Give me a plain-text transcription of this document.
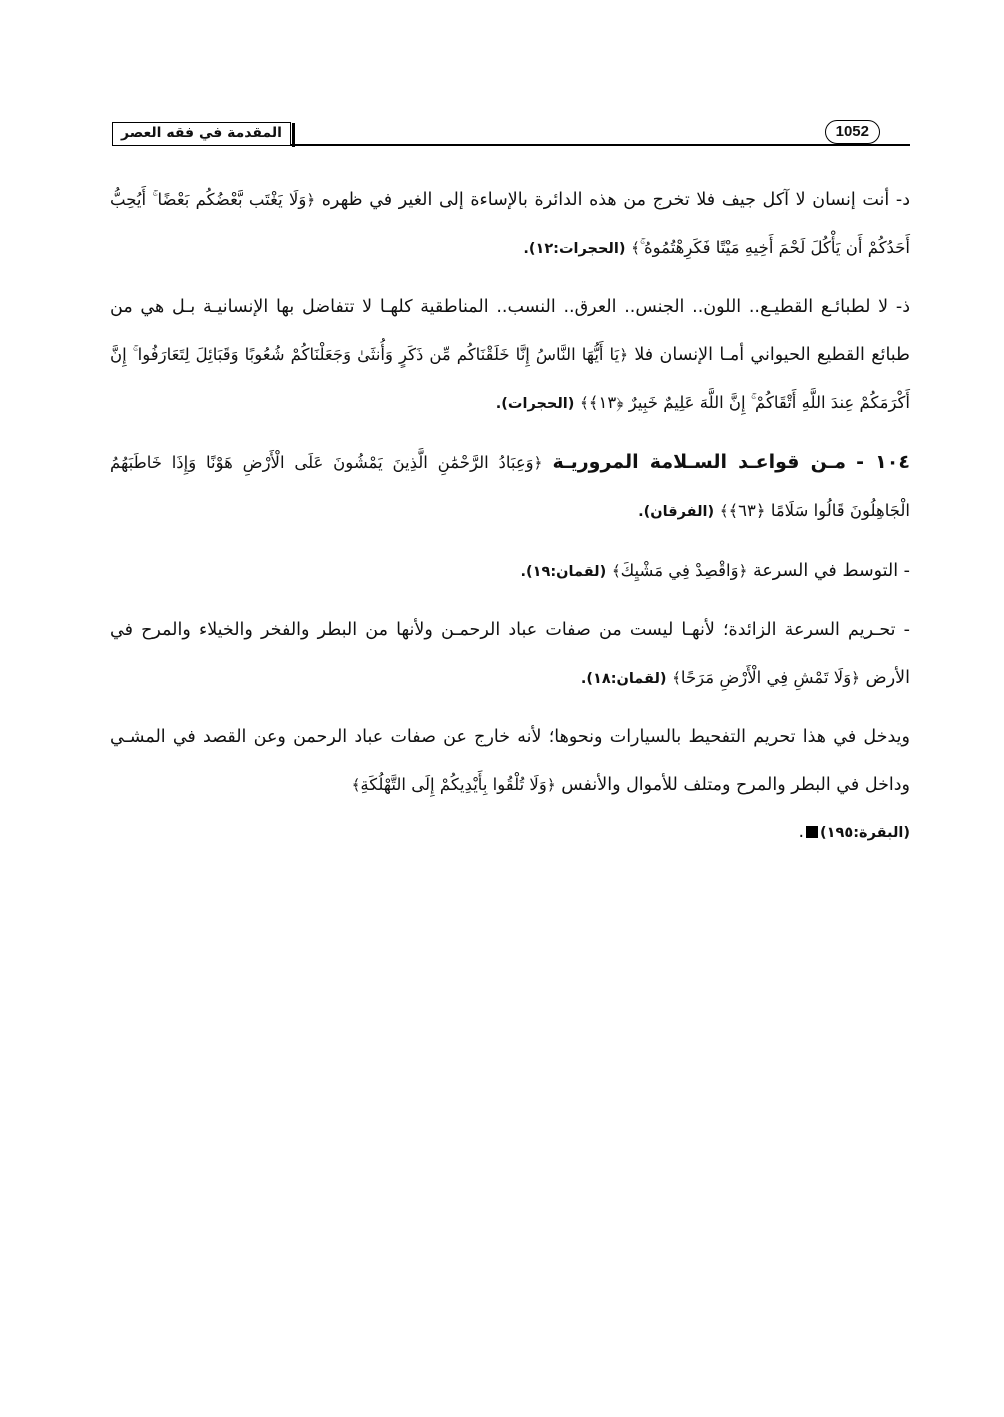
المقدمة في فقه العصر	1052

د- أنت إنسان لا آكل جيف فلا تخرج من هذه الدائرة بالإساءة إلى الغير في ظهره ﴿وَلَا يَغْتَب بَّعْضُكُم بَعْضًا ۚ أَيُحِبُّ أَحَدُكُمْ أَن يَأْكُلَ لَحْمَ أَخِيهِ مَيْتًا فَكَرِهْتُمُوهُ ۚ﴾ (الحجرات:١٢).

ذ- لا لطبائـع القطيـع.. اللون.. الجنس.. العرق.. النسب.. المناطقية كلهـا لا تتفاضل بها الإنسانيـة بـل هي من طبائع القطيع الحيواني أمـا الإنسان فلا ﴿يَا أَيُّهَا النَّاسُ إِنَّا خَلَقْنَاكُم مِّن ذَكَرٍ وَأُنثَىٰ وَجَعَلْنَاكُمْ شُعُوبًا وَقَبَائِلَ لِتَعَارَفُوا ۚ إِنَّ أَكْرَمَكُمْ عِندَ اللَّهِ أَتْقَاكُمْ ۚ إِنَّ اللَّهَ عَلِيمٌ خَبِيرٌ ﴿١٣﴾﴾ (الحجرات).

١٠٤ - مـن قواعـد السـلامة المروريـة ﴿وَعِبَادُ الرَّحْمَٰنِ الَّذِينَ يَمْشُونَ عَلَى الْأَرْضِ هَوْنًا وَإِذَا خَاطَبَهُمُ الْجَاهِلُونَ قَالُوا سَلَامًا ﴿٦٣﴾﴾ (الفرقان).

- التوسط في السرعة ﴿وَاقْصِدْ فِي مَشْيِكَ﴾ (لقمان:١٩).

- تحـريم السرعة الزائدة؛ لأنهـا ليست من صفات عباد الرحمـن ولأنها من البطر والفخر والخيلاء والمرح في الأرض ﴿وَلَا تَمْشِ فِي الْأَرْضِ مَرَحًا﴾ (لقمان:١٨).

ويدخل في هذا تحريم التفحيط بالسيارات ونحوها؛ لأنه خارج عن صفات عباد الرحمن وعن القصد في المشـي وداخل في البطر والمرح ومتلف للأموال والأنفس ﴿وَلَا تُلْقُوا بِأَيْدِيكُمْ إِلَى التَّهْلُكَةِ﴾
(البقرة:١٩٥).
